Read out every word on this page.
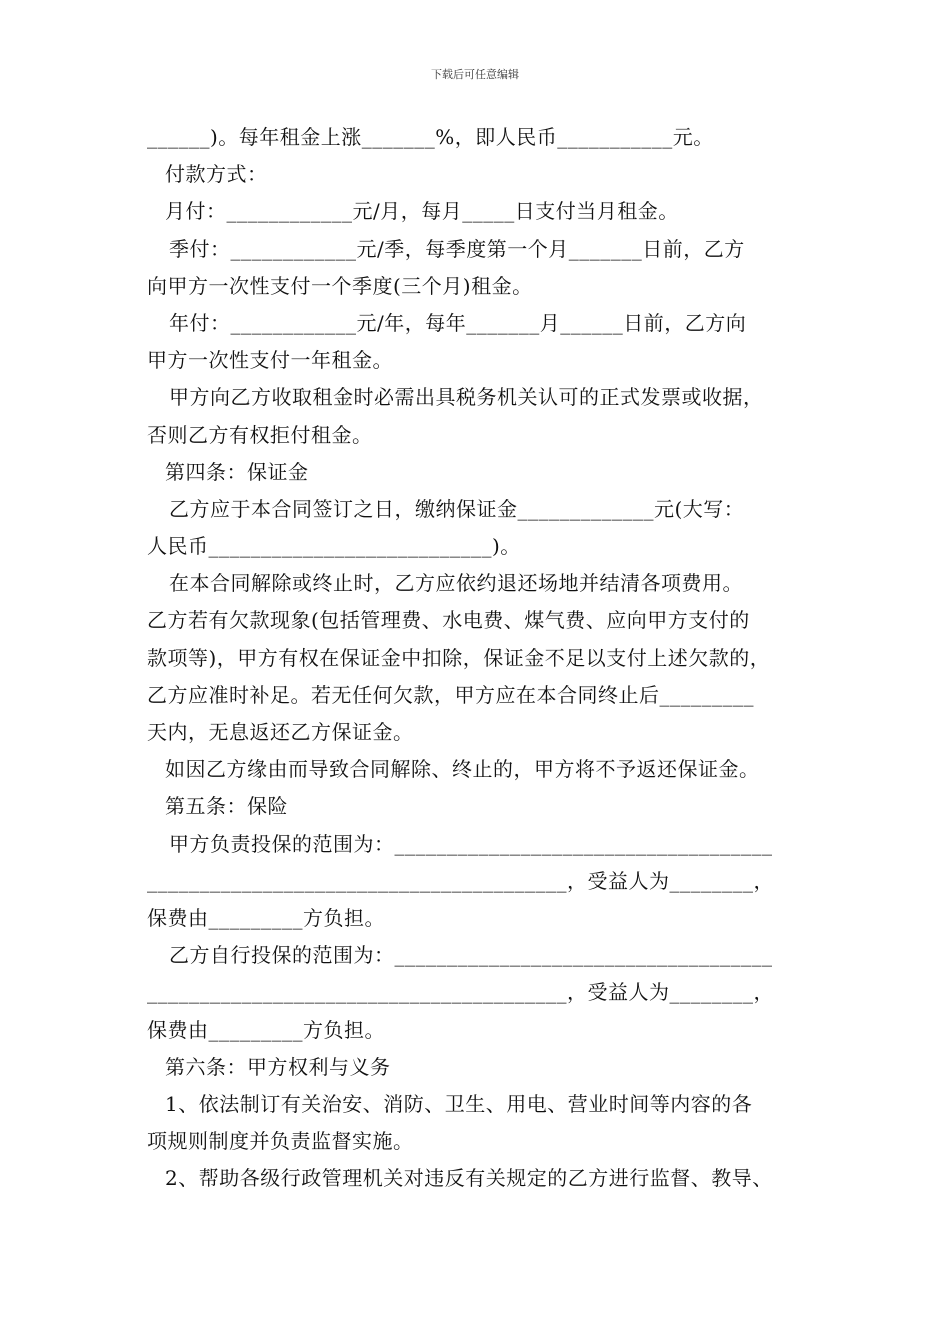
下载后可任意编辑
______)。每年租金上涨_______%，即人民币___________元。
付款方式：
月付：____________元/月，每月_____日支付当月租金。
季付：____________元/季，每季度第一个月_______日前，乙方
向甲方一次性支付一个季度(三个月)租金。
年付：____________元/年，每年_______月______日前，乙方向
甲方一次性支付一年租金。
甲方向乙方收取租金时必需出具税务机关认可的正式发票或收据，
否则乙方有权拒付租金。
第四条：保证金
乙方应于本合同签订之日，缴纳保证金_____________元(大写：
人民币___________________________)。
在本合同解除或终止时，乙方应依约退还场地并结清各项费用。
乙方若有欠款现象(包括管理费、水电费、煤气费、应向甲方支付的
款项等)，甲方有权在保证金中扣除，保证金不足以支付上述欠款的，
乙方应准时补足。若无任何欠款，甲方应在本合同终止后_________
天内，无息返还乙方保证金。
如因乙方缘由而导致合同解除、终止的，甲方将不予返还保证金。
第五条：保险
甲方负责投保的范围为：____________________________________
________________________________________，受益人为________，
保费由_________方负担。
乙方自行投保的范围为：____________________________________
________________________________________，受益人为________，
保费由_________方负担。
第六条：甲方权利与义务
1、依法制订有关治安、消防、卫生、用电、营业时间等内容的各
项规则制度并负责监督实施。
2、帮助各级行政管理机关对违反有关规定的乙方进行监督、教导、
